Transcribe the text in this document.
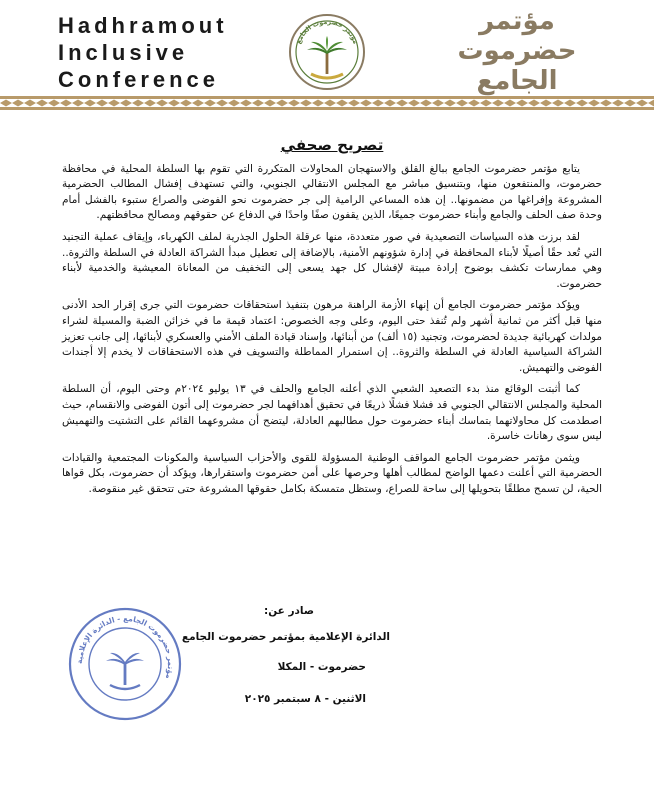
Hadhramout
Inclusive
Conference
مؤتمر حضرموت الجامع
مؤتمر
حضرموت
الجامع
تصريح صحفي

يتابع مؤتمر حضرموت الجامع ببالغ القلق والاستهجان المحاولات المتكررة التي تقوم بها السلطة المحلية في محافظة حضرموت، والمنتفعون منها، وبتنسيق مباشر مع المجلس الانتقالي الجنوبي، والتي تستهدف إفشال المطالب الحضرمية المشروعة وإفراغها من مضمونها.. إن هذه المساعي الرامية إلى جر حضرموت نحو الفوضى والصراع ستبوء بالفشل أمام وحدة صف الحلف والجامع وأبناء حضرموت جميعًا، الذين يقفون صفًا واحدًا في الدفاع عن حقوقهم ومصالح محافظتهم.

لقد برزت هذه السياسات التصعيدية في صور متعددة، منها عرقلة الحلول الجذرية لملف الكهرباء، وإيقاف عملية التجنيد التي تُعد حقًا أصيلًا لأبناء المحافظة في إدارة شؤونهم الأمنية، بالإضافة إلى تعطيل مبدأ الشراكة العادلة في السلطة والثروة.. وهي ممارسات تكشف بوضوح إرادة مبيتة لإفشال كل جهد يسعى إلى التخفيف من المعاناة المعيشية والخدمية لأبناء حضرموت.

ويؤكد مؤتمر حضرموت الجامع أن إنهاء الأزمة الراهنة مرهون بتنفيذ استحقاقات حضرموت التي جرى إقرار الحد الأدنى منها قبل أكثر من ثمانية أشهر ولم تُنفذ حتى اليوم، وعلى وجه الخصوص: اعتماد قيمة ما في خزائن الضبة والمسيلة لشراء مولدات كهربائية جديدة لحضرموت، وتجنيد (١٥ ألف) من أبنائها، وإسناد قيادة الملف الأمني والعسكري لأبنائها، إلى جانب تعزيز الشراكة السياسية العادلة في السلطة والثروة.. إن استمرار المماطلة والتسويف في هذه الاستحقاقات لا يخدم إلا أجندات الفوضى والتهميش.

كما أثبتت الوقائع منذ بدء التصعيد الشعبي الذي أعلنه الجامع والحلف في ١٣ يوليو ٢٠٢٤م وحتى اليوم، أن السلطة المحلية والمجلس الانتقالي الجنوبي قد فشلا فشلًا ذريعًا في تحقيق أهدافهما لجر حضرموت إلى أتون الفوضى والانقسام، حيث اصطدمت كل محاولاتهما بتماسك أبناء حضرموت حول مطالبهم العادلة، ليتضح أن مشروعهما القائم على التشتيت والتهميش ليس سوى رهانات خاسرة.

ويثمن مؤتمر حضرموت الجامع المواقف الوطنية المسؤولة للقوى والأحزاب السياسية والمكونات المجتمعية والقيادات الحضرمية التي أعلنت دعمها الواضح لمطالب أهلها وحرصها على أمن حضرموت واستقرارها، ويؤكد أن حضرموت، بكل قواها الحية، لن تسمح مطلقًا بتحويلها إلى ساحة للصراع، وستظل متمسكة بكامل حقوقها المشروعة حتى تتحقق غير منقوصة.

مؤتمر حضرموت الجامع - الدائرة الإعلامية
صادر عن:
الدائرة الإعلامية بمؤتمر حضرموت الجامع
حضرموت - المكلا
الاثنين - ٨ سبتمبر ٢٠٢٥
